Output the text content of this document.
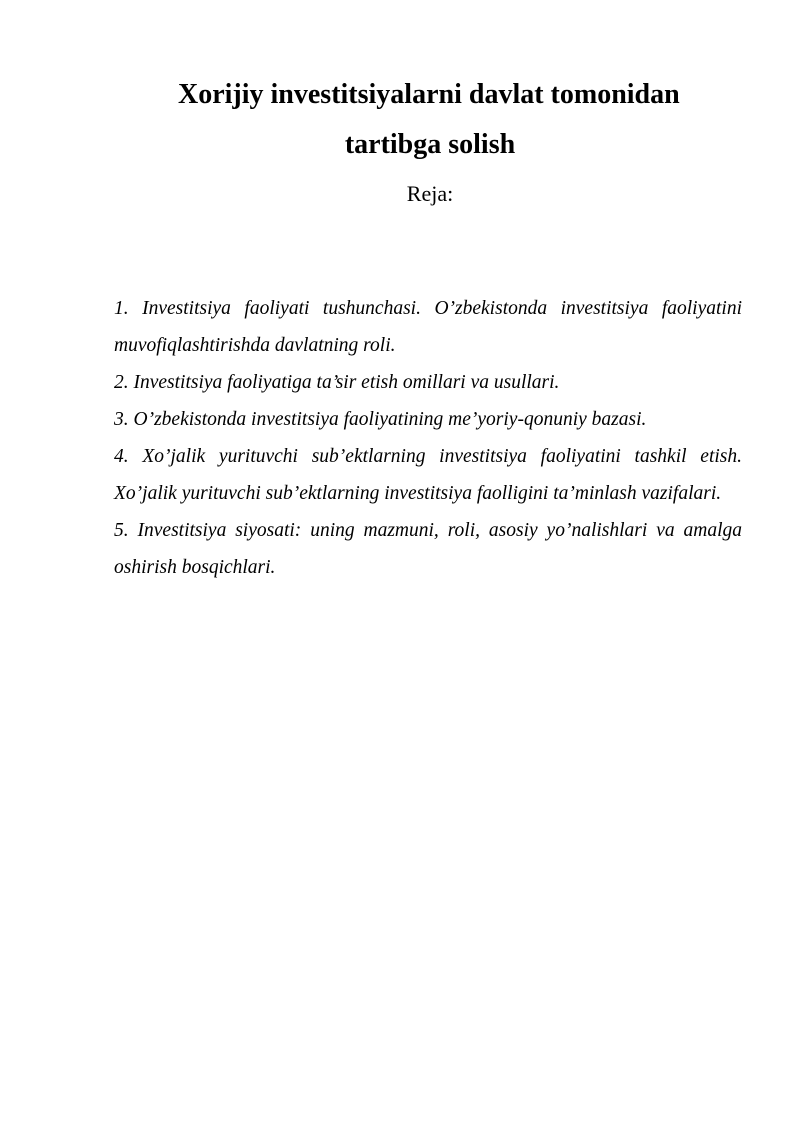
Xorijiy investitsiyalarni davlat tomonidan
tartibga solish
Reja:

1. Investitsiya faoliyati tushunchasi. O’zbekistonda investitsiya faoliyatini muvofiqlashtirishda davlatning roli.

2. Investitsiya faoliyatiga ta’sir etish omillari va usullari.

3. O’zbekistonda investitsiya faoliyatining me’yoriy-qonuniy bazasi.

4. Xo’jalik yurituvchi sub’ektlarning investitsiya faoliyatini tashkil etish. Xo’jalik yurituvchi sub’ektlarning investitsiya faolligini ta’minlash vazifalari.

5. Investitsiya siyosati: uning mazmuni, roli, asosiy yo’nalishlari va amalga oshirish bosqichlari.
